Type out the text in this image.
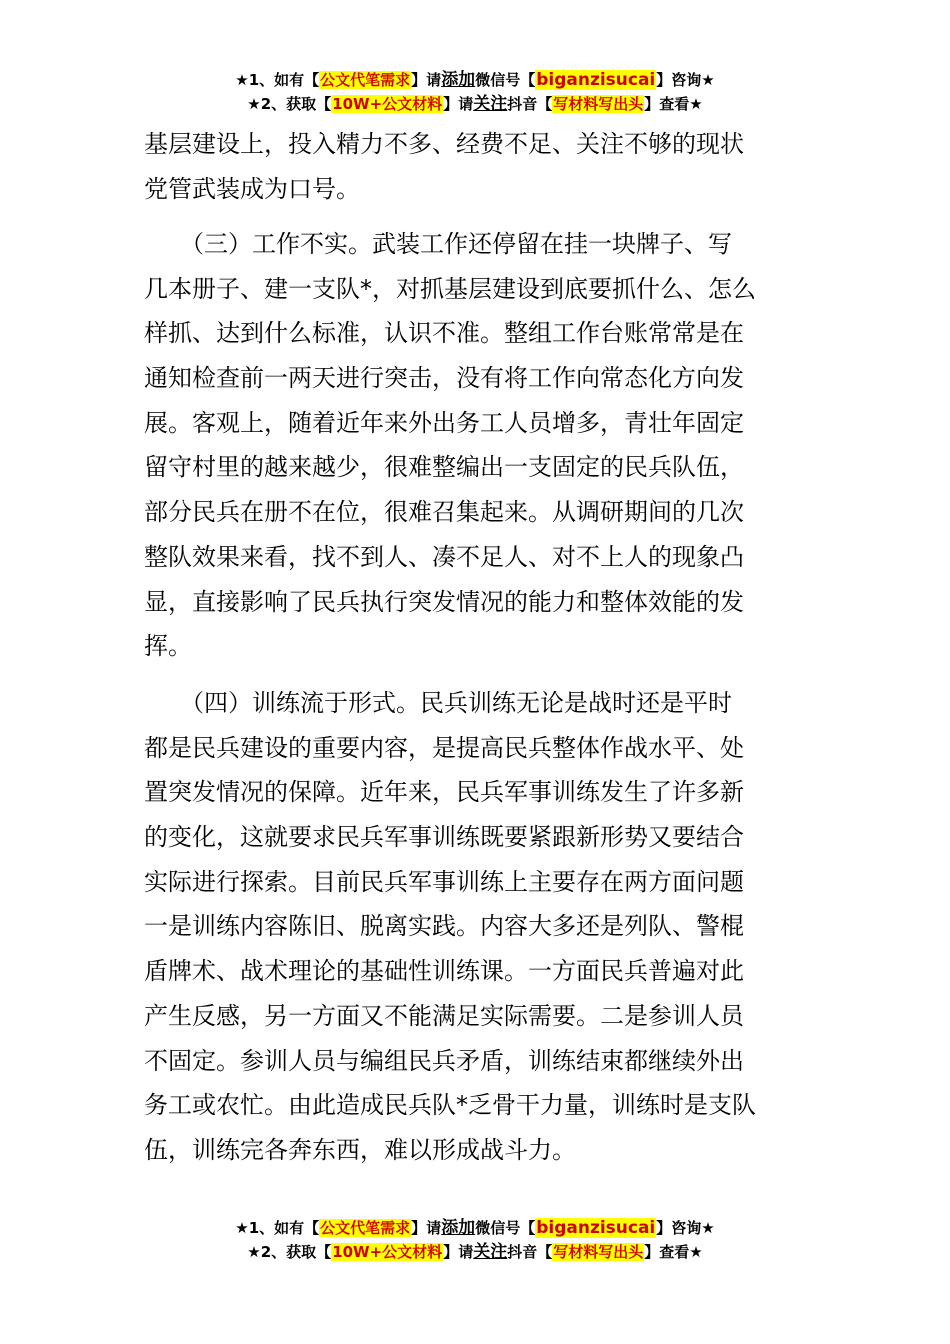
★1、如有【公文代笔需求】请添加微信号【biganzisucai】咨询★
★2、获取【10W+公文材料】请关注抖音【写材料写出头】查看★
基层建设上，投入精力不多、经费不足、关注不够的现状
党管武装成为口号。
　　（三）工作不实。武装工作还停留在挂一块牌子、写
几本册子、建一支队*，对抓基层建设到底要抓什么、怎么
样抓、达到什么标准，认识不准。整组工作台账常常是在
通知检查前一两天进行突击，没有将工作向常态化方向发
展。客观上，随着近年来外出务工人员增多，青壮年固定
留守村里的越来越少，很难整编出一支固定的民兵队伍，
部分民兵在册不在位，很难召集起来。从调研期间的几次
整队效果来看，找不到人、凑不足人、对不上人的现象凸
显，直接影响了民兵执行突发情况的能力和整体效能的发
挥。
　　（四）训练流于形式。民兵训练无论是战时还是平时
都是民兵建设的重要内容，是提高民兵整体作战水平、处
置突发情况的保障。近年来，民兵军事训练发生了许多新
的变化，这就要求民兵军事训练既要紧跟新形势又要结合
实际进行探索。目前民兵军事训练上主要存在两方面问题
一是训练内容陈旧、脱离实践。内容大多还是列队、警棍
盾牌术、战术理论的基础性训练课。一方面民兵普遍对此
产生反感，另一方面又不能满足实际需要。二是参训人员
不固定。参训人员与编组民兵矛盾，训练结束都继续外出
务工或农忙。由此造成民兵队*乏骨干力量，训练时是支队
伍，训练完各奔东西，难以形成战斗力。
★1、如有【公文代笔需求】请添加微信号【biganzisucai】咨询★
★2、获取【10W+公文材料】请关注抖音【写材料写出头】查看★
